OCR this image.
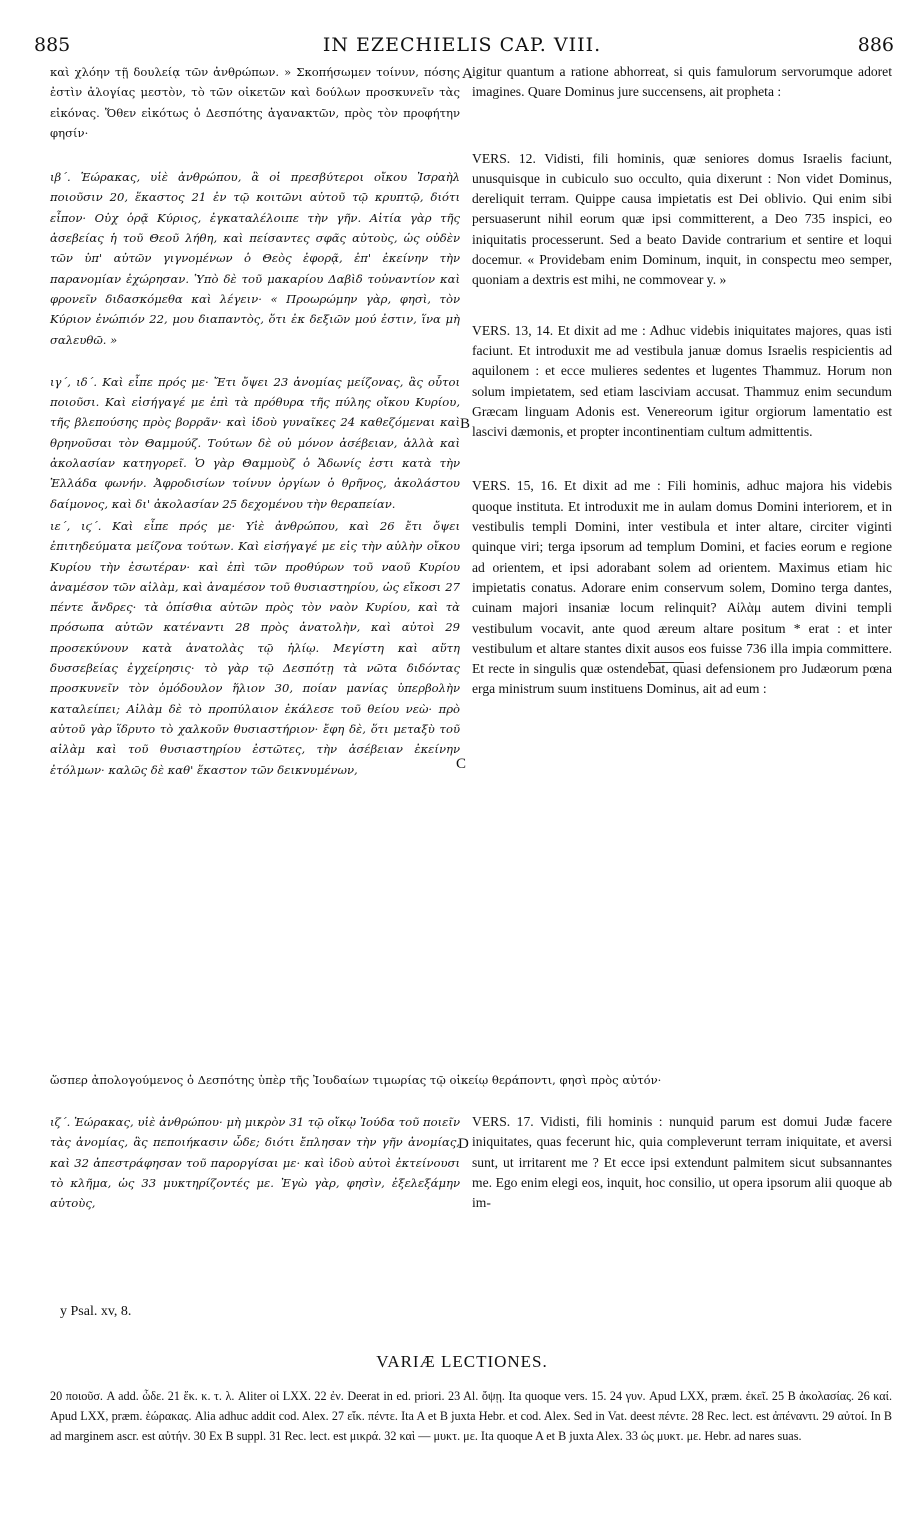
885	IN EZECHIELIS CAP. VIII.	886
A
B
C
D

καὶ χλόην τῇ δουλείᾳ τῶν ἀνθρώπων. » Σκοπήσωμεν τοίνυν, πόσης ἐστὶν ἀλογίας μεστὸν, τὸ τῶν οἰκετῶν καὶ δούλων προσκυνεῖν τὰς εἰκόνας. Ὅθεν εἰκότως ὁ Δεσπότης ἀγανακτῶν, πρὸς τὸν προφήτην φησίν·

ιβ΄. Ἑώρακας, υἱὲ ἀνθρώπου, ἃ οἱ πρεσβύτεροι οἴκου Ἰσραὴλ ποιοῦσιν 20, ἕκαστος 21 ἐν τῷ κοιτῶνι αὐτοῦ τῷ κρυπτῷ, διότι εἶπον· Οὐχ ὁρᾷ Κύριος, ἐγκαταλέλοιπε τὴν γῆν. Αἰτία γὰρ τῆς ἀσεβείας ἡ τοῦ Θεοῦ λήθη, καὶ πείσαντες σφᾶς αὐτοὺς, ὡς οὐδὲν τῶν ὑπ' αὐτῶν γιγνομένων ὁ Θεὸς ἐφορᾷ, ἐπ' ἐκείνην τὴν παρανομίαν ἐχώρησαν. Ὑπὸ δὲ τοῦ μακαρίου Δαβὶδ τοὐναντίον καὶ φρονεῖν διδασκόμεθα καὶ λέγειν· « Προωρώμην γὰρ, φησὶ, τὸν Κύριον ἐνώπιόν 22, μου διαπαντὸς, ὅτι ἐκ δεξιῶν μού ἐστιν, ἵνα μὴ σαλευθῶ. »

ιγ΄, ιδ΄. Καὶ εἶπε πρός με· Ἔτι ὄψει 23 ἀνομίας μείζονας, ἃς οὗτοι ποιοῦσι. Καὶ εἰσήγαγέ με ἐπὶ τὰ πρόθυρα τῆς πύλης οἴκου Κυρίου, τῆς βλεπούσης πρὸς βορρᾶν· καὶ ἰδοὺ γυναῖκες 24 καθεζόμεναι καὶ θρηνοῦσαι τὸν Θαμμούζ. Τούτων δὲ οὐ μόνον ἀσέβειαν, ἀλλὰ καὶ ἀκολασίαν κατηγορεῖ. Ὁ γὰρ Θαμμοὺζ ὁ Ἄδωνίς ἐστι κατὰ τὴν Ἑλλάδα φωνήν. Ἀφροδισίων τοίνυν ὀργίων ὁ θρῆνος, ἀκολάστου δαίμονος, καὶ δι' ἀκολασίαν 25 δεχομένου τὴν θεραπείαν.

ιε΄, ιϛ΄. Καὶ εἶπε πρός με· Υἱὲ ἀνθρώπου, καὶ 26 ἔτι ὄψει ἐπιτηδεύματα μείζονα τούτων. Καὶ εἰσήγαγέ με εἰς τὴν αὐλὴν οἴκου Κυρίου τὴν ἐσωτέραν· καὶ ἐπὶ τῶν προθύρων τοῦ ναοῦ Κυρίου ἀναμέσον τῶν αἰλὰμ, καὶ ἀναμέσον τοῦ θυσιαστηρίου, ὡς εἴκοσι 27 πέντε ἄνδρες· τὰ ὀπίσθια αὐτῶν πρὸς τὸν ναὸν Κυρίου, καὶ τὰ πρόσωπα αὐτῶν κατέναντι 28 πρὸς ἀνατολὴν, καὶ αὐτοὶ 29 προσεκύνουν κατὰ ἀνατολὰς τῷ ἡλίῳ. Μεγίστη καὶ αὕτη δυσσεβείας ἐγχείρησις· τὸ γὰρ τῷ Δεσπότῃ τὰ νῶτα διδόντας προσκυνεῖν τὸν ὁμόδουλον ἥλιον 30, ποίαν μανίας ὑπερβολὴν καταλείπει; Αἰλὰμ δὲ τὸ προπύλαιον ἐκάλεσε τοῦ θείου νεὼ· πρὸ αὐτοῦ γὰρ ἵδρυτο τὸ χαλκοῦν θυσιαστήριον· ἔφη δὲ, ὅτι μεταξὺ τοῦ αἰλὰμ καὶ τοῦ θυσιαστηρίου ἐστῶτες, τὴν ἀσέβειαν ἐκείνην ἐτόλμων· καλῶς δὲ καθ' ἕκαστον τῶν δεικνυμένων,

igitur quantum a ratione abhorreat, si quis famulorum servorumque adoret imagines. Quare Dominus jure succensens, ait propheta :

VERS. 12. Vidisti, fili hominis, quæ seniores domus Israelis faciunt, unusquisque in cubiculo suo occulto, quia dixerunt : Non videt Dominus, dereliquit terram. Quippe causa impietatis est Dei oblivio. Qui enim sibi persuaserunt nihil eorum quæ ipsi committerent, a Deo 735 inspici, eo iniquitatis processerunt. Sed a beato Davide contrarium et sentire et loqui docemur. « Providebam enim Dominum, inquit, in conspectu meo semper, quoniam a dextris est mihi, ne commovear y. »

VERS. 13, 14. Et dixit ad me : Adhuc videbis iniquitates majores, quas isti faciunt. Et introduxit me ad vestibula januæ domus Israelis respicientis ad aquilonem : et ecce mulieres sedentes et lugentes Thammuz. Horum non solum impietatem, sed etiam lasciviam accusat. Thammuz enim secundum Græcam linguam Adonis est. Venereorum igitur orgiorum lamentatio est lascivi dæmonis, et propter incontinentiam cultum admittentis.

VERS. 15, 16. Et dixit ad me : Fili hominis, adhuc majora his videbis quoque instituta. Et introduxit me in aulam domus Domini interiorem, et in vestibulis templi Domini, inter vestibula et inter altare, circiter viginti quinque viri; terga ipsorum ad templum Domini, et facies eorum e regione ad orientem, et ipsi adorabant solem ad orientem. Maximus etiam hic impietatis conatus. Adorare enim conservum solem, Domino terga dantes, cuinam majori insaniæ locum relinquit? Αἰλὰμ autem divini templi vestibulum vocavit, ante quod æreum altare positum * erat : et inter vestibulum et altare stantes dixit ausos eos fuisse 736 illa impia committere. Et recte in singulis quæ ostendebat, quasi defensionem pro Judæorum pœna erga ministrum suum instituens Dominus, ait ad eum :

ὥσπερ ἀπολογούμενος ὁ Δεσπότης ὑπὲρ τῆς Ἰουδαίων τιμωρίας τῷ οἰκείῳ θεράποντι, φησὶ πρὸς αὐτόν·

ιζ΄. Ἑώρακας, υἱὲ ἀνθρώπου· μὴ μικρὸν 31 τῷ οἴκῳ Ἰούδα τοῦ ποιεῖν τὰς ἀνομίας, ἃς πεποιήκασιν ὧδε; διότι ἔπλησαν τὴν γῆν ἀνομίας, καὶ 32 ἀπεστράφησαν τοῦ παροργίσαι με· καὶ ἰδοὺ αὐτοὶ ἐκτείνουσι τὸ κλῆμα, ὡς 33 μυκτηρίζοντές με. Ἐγὼ γὰρ, φησὶν, ἐξελεξάμην αὐτοὺς,

VERS. 17. Vidisti, fili hominis : nunquid parum est domui Judæ facere iniquitates, quas fecerunt hic, quia compleverunt terram iniquitate, et aversi sunt, ut irritarent me ? Et ecce ipsi extendunt palmitem sicut subsannantes me. Ego enim elegi eos, inquit, hoc consilio, ut opera ipsorum alii quoque ab im-

y Psal. xv, 8.
VARIÆ LECTIONES.
20 ποιοῦσ. A add. ὧδε. 21 ἕκ. κ. τ. λ. Aliter οἱ LXX. 22 ἐν. Deerat in ed. priori. 23 Al. ὄψῃ. Ita quoque vers. 15. 24 γυν. Apud LXX, præm. ἐκεῖ. 25 B ἀκολασίας. 26 καί. Apud LXX, præm. ἑώρακας. Alia adhuc addit cod. Alex. 27 εἴκ. πέντε. Ita A et B juxta Hebr. et cod. Alex. Sed in Vat. deest πέντε. 28 Rec. lect. est ἀπέναντι. 29 αὐτοί. In B ad marginem ascr. est αὐτήν. 30 Ex B suppl. 31 Rec. lect. est μικρά. 32 καὶ — μυκτ. με. Ita quoque A et B juxta Alex. 33 ὡς μυκτ. με. Hebr. ad nares suas.
